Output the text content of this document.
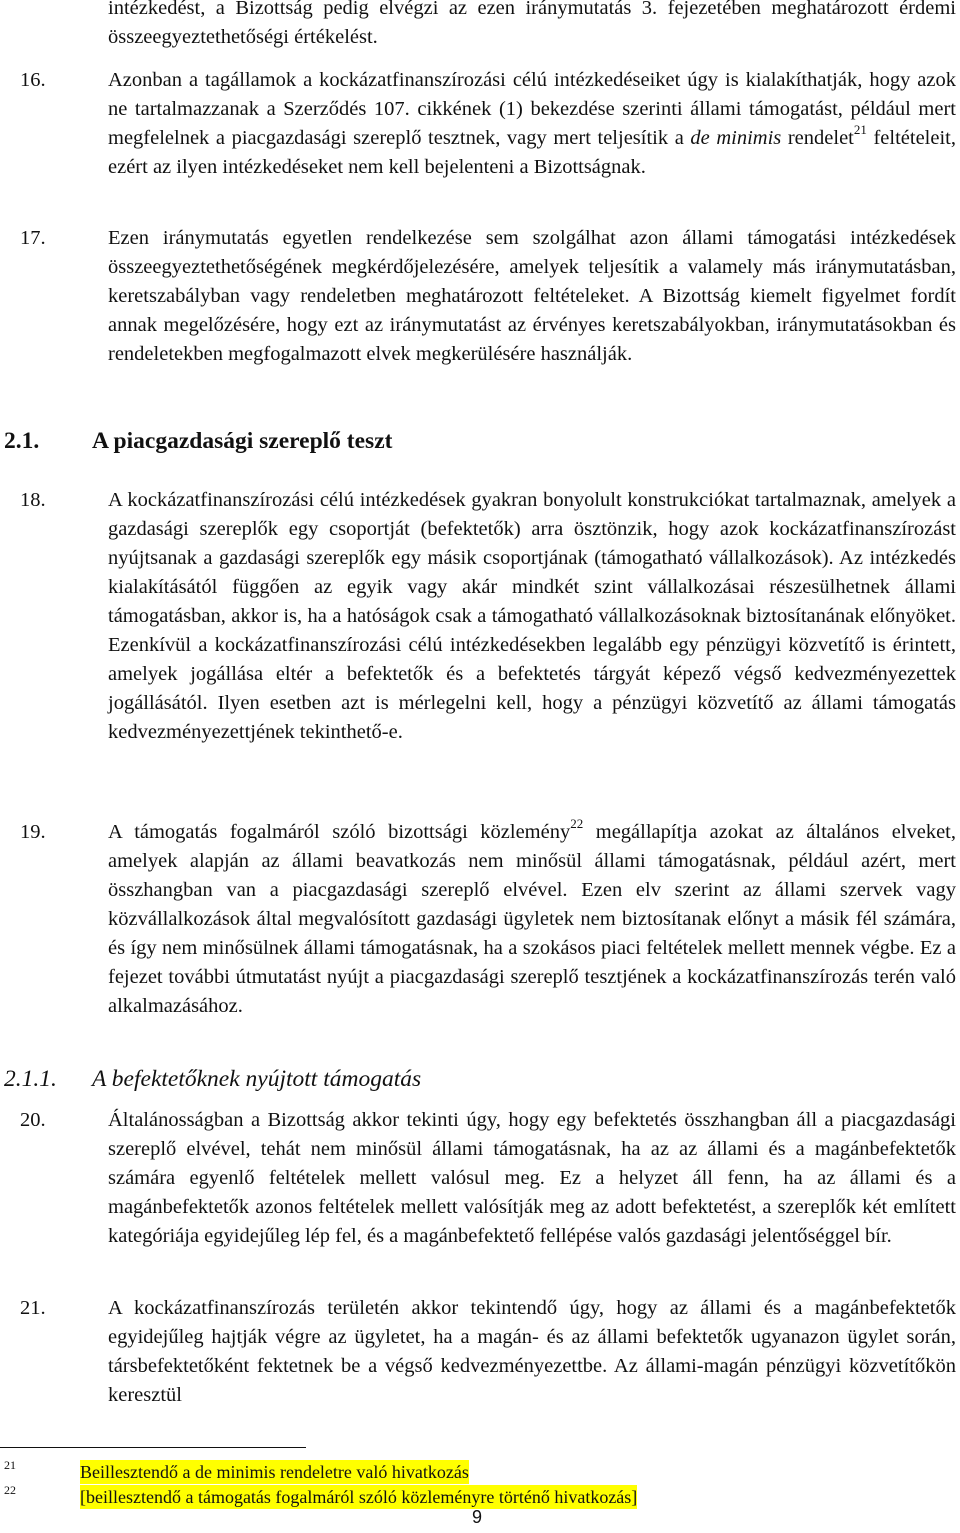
intézkedést, a Bizottság pedig elvégzi az ezen iránymutatás 3. fejezetében meghatározott érdemi összeegyeztethetőségi értékelést.
16.	Azonban a tagállamok a kockázatfinanszírozási célú intézkedéseiket úgy is kialakíthatják, hogy azok ne tartalmazzanak a Szerződés 107. cikkének (1) bekezdése szerinti állami támogatást, például mert megfelelnek a piacgazdasági szereplő tesztnek, vagy mert teljesítik a de minimis rendelet$^{21}$ feltételeit, ezért az ilyen intézkedéseket nem kell bejelenteni a Bizottságnak.
17.	Ezen iránymutatás egyetlen rendelkezése sem szolgálhat azon állami támogatási intézkedések összeegyeztethetőségének megkérdőjelezésére, amelyek teljesítik a valamely más iránymutatásban, keretszabályban vagy rendeletben meghatározott feltételeket. A Bizottság kiemelt figyelmet fordít annak megelőzésére, hogy ezt az iránymutatást az érvényes keretszabályokban, iránymutatásokban és rendeletekben megfogalmazott elvek megkerülésére használják.
2.1. A piacgazdasági szereplő teszt
18.	A kockázatfinanszírozási célú intézkedések gyakran bonyolult konstrukciókat tartalmaznak, amelyek a gazdasági szereplők egy csoportját (befektetők) arra ösztönzik, hogy azok kockázatfinanszírozást nyújtsanak a gazdasági szereplők egy másik csoportjának (támogatható vállalkozások). Az intézkedés kialakításától függően az egyik vagy akár mindkét szint vállalkozásai részesülhetnek állami támogatásban, akkor is, ha a hatóságok csak a támogatható vállalkozásoknak biztosítanának előnyöket. Ezenkívül a kockázatfinanszírozási célú intézkedésekben legalább egy pénzügyi közvetítő is érintett, amelyek jogállása eltér a befektetők és a befektetés tárgyát képező végső kedvezményezettek jogállásától. Ilyen esetben azt is mérlegelni kell, hogy a pénzügyi közvetítő az állami támogatás kedvezményezettjének tekinthető-e.
19.	A támogatás fogalmáról szóló bizottsági közlemény$^{22}$ megállapítja azokat az általános elveket, amelyek alapján az állami beavatkozás nem minősül állami támogatásnak, például azért, mert összhangban van a piacgazdasági szereplő elvével. Ezen elv szerint az állami szervek vagy közvállalkozások által megvalósított gazdasági ügyletek nem biztosítanak előnyt a másik fél számára, és így nem minősülnek állami támogatásnak, ha a szokásos piaci feltételek mellett mennek végbe. Ez a fejezet további útmutatást nyújt a piacgazdasági szereplő tesztjének a kockázatfinanszírozás terén való alkalmazásához.
2.1.1. A befektetőknek nyújtott támogatás
20.	Általánosságban a Bizottság akkor tekinti úgy, hogy egy befektetés összhangban áll a piacgazdasági szereplő elvével, tehát nem minősül állami támogatásnak, ha az az állami és a magánbefektetők számára egyenlő feltételek mellett valósul meg. Ez a helyzet áll fenn, ha az állami és a magánbefektetők azonos feltételek mellett valósítják meg az adott befektetést, a szereplők két említett kategóriája egyidejűleg lép fel, és a magánbefektető fellépése valós gazdasági jelentőséggel bír.
21.	A kockázatfinanszírozás területén akkor tekintendő úgy, hogy az állami és a magánbefektetők egyidejűleg hajtják végre az ügyletet, ha a magán- és az állami befektetők ugyanazon ügylet során, társbefektetőként fektetnek be a végső kedvezményezettbe. Az állami-magán pénzügyi közvetítőkön keresztül
21	Beillesztendő a de minimis rendeletre való hivatkozás
22	[beillesztendő a támogatás fogalmáról szóló közleményre történő hivatkozás]
9
